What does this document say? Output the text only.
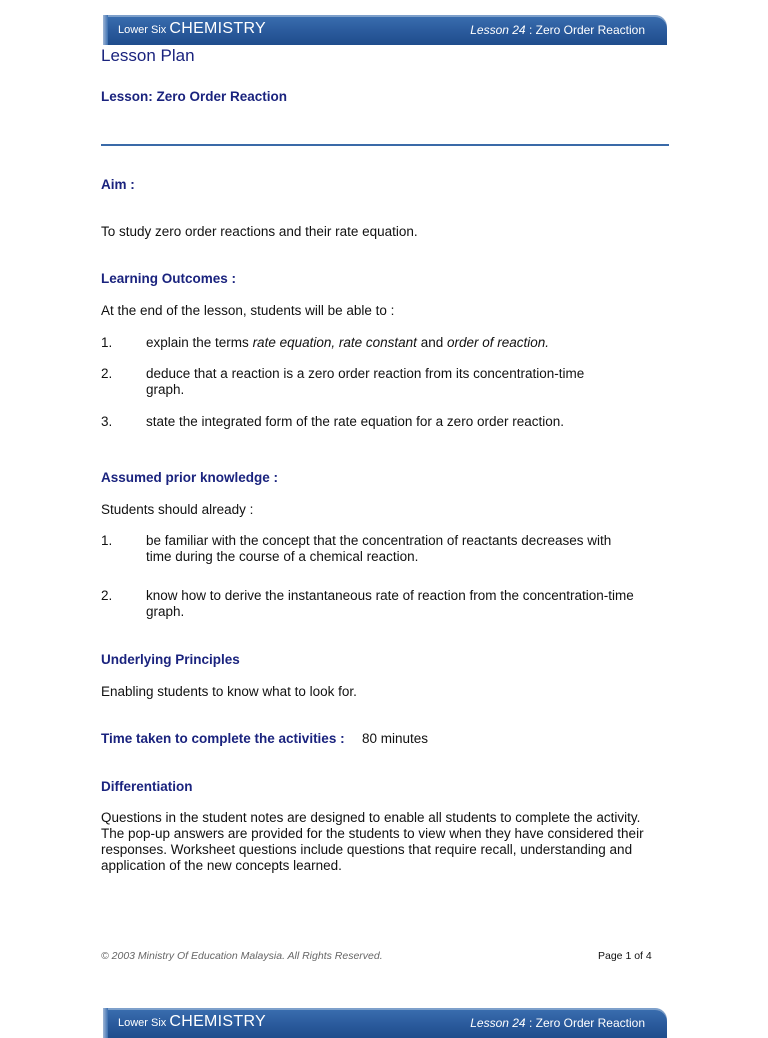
Lower Six CHEMISTRY	Lesson 24 : Zero Order Reaction
Lesson Plan
Lesson: Zero Order Reaction
Aim :
To study zero order reactions and their rate equation.
Learning Outcomes :
At the end of the lesson, students will be able to :
1. explain the terms rate equation, rate constant and order of reaction.
2. deduce that a reaction is a zero order reaction from its concentration-time graph.
3. state the integrated form of the rate equation for a zero order reaction.
Assumed prior knowledge :
Students should already :
1. be familiar with the concept that the concentration of reactants decreases with time during the course of a chemical reaction.
2. know how to derive the instantaneous rate of reaction from the concentration-time graph.
Underlying Principles
Enabling students to know what to look for.
Time taken to complete the activities : 80 minutes
Differentiation
Questions in the student notes are designed to enable all students to complete the activity. The pop-up answers are provided for the students to view when they have considered their responses. Worksheet questions include questions that require recall, understanding and application of the new concepts learned.
© 2003 Ministry Of Education Malaysia. All Rights Reserved.	Page 1 of 4
Lower Six CHEMISTRY	Lesson 24 : Zero Order Reaction
